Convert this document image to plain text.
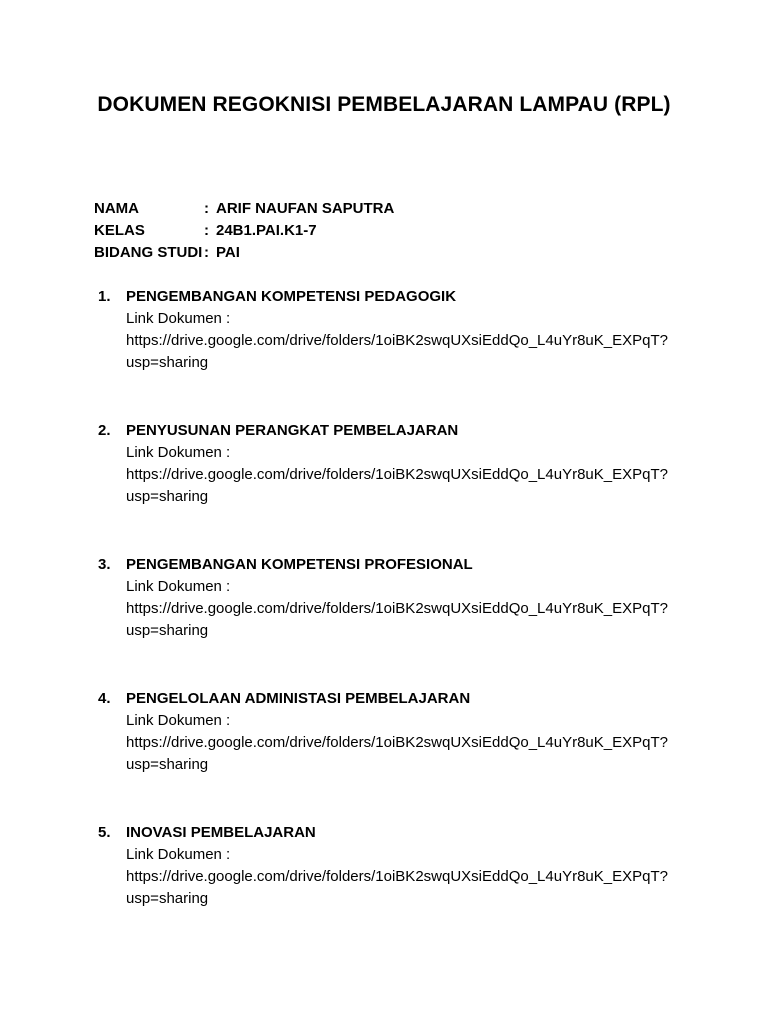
DOKUMEN REGOKNISI PEMBELAJARAN LAMPAU (RPL)
NAMA	: ARIF NAUFAN SAPUTRA
KELAS	: 24B1.PAI.K1-7
BIDANG STUDI : PAI
1. PENGEMBANGAN KOMPETENSI PEDAGOGIK
Link Dokumen :
https://drive.google.com/drive/folders/1oiBK2swqUXsiEddQo_L4uYr8uK_EXPqT?
usp=sharing
2. PENYUSUNAN PERANGKAT PEMBELAJARAN
Link Dokumen :
https://drive.google.com/drive/folders/1oiBK2swqUXsiEddQo_L4uYr8uK_EXPqT?
usp=sharing
3. PENGEMBANGAN KOMPETENSI PROFESIONAL
Link Dokumen :
https://drive.google.com/drive/folders/1oiBK2swqUXsiEddQo_L4uYr8uK_EXPqT?
usp=sharing
4. PENGELOLAAN ADMINISTASI PEMBELAJARAN
Link Dokumen :
https://drive.google.com/drive/folders/1oiBK2swqUXsiEddQo_L4uYr8uK_EXPqT?
usp=sharing
5. INOVASI PEMBELAJARAN
Link Dokumen :
https://drive.google.com/drive/folders/1oiBK2swqUXsiEddQo_L4uYr8uK_EXPqT?
usp=sharing
